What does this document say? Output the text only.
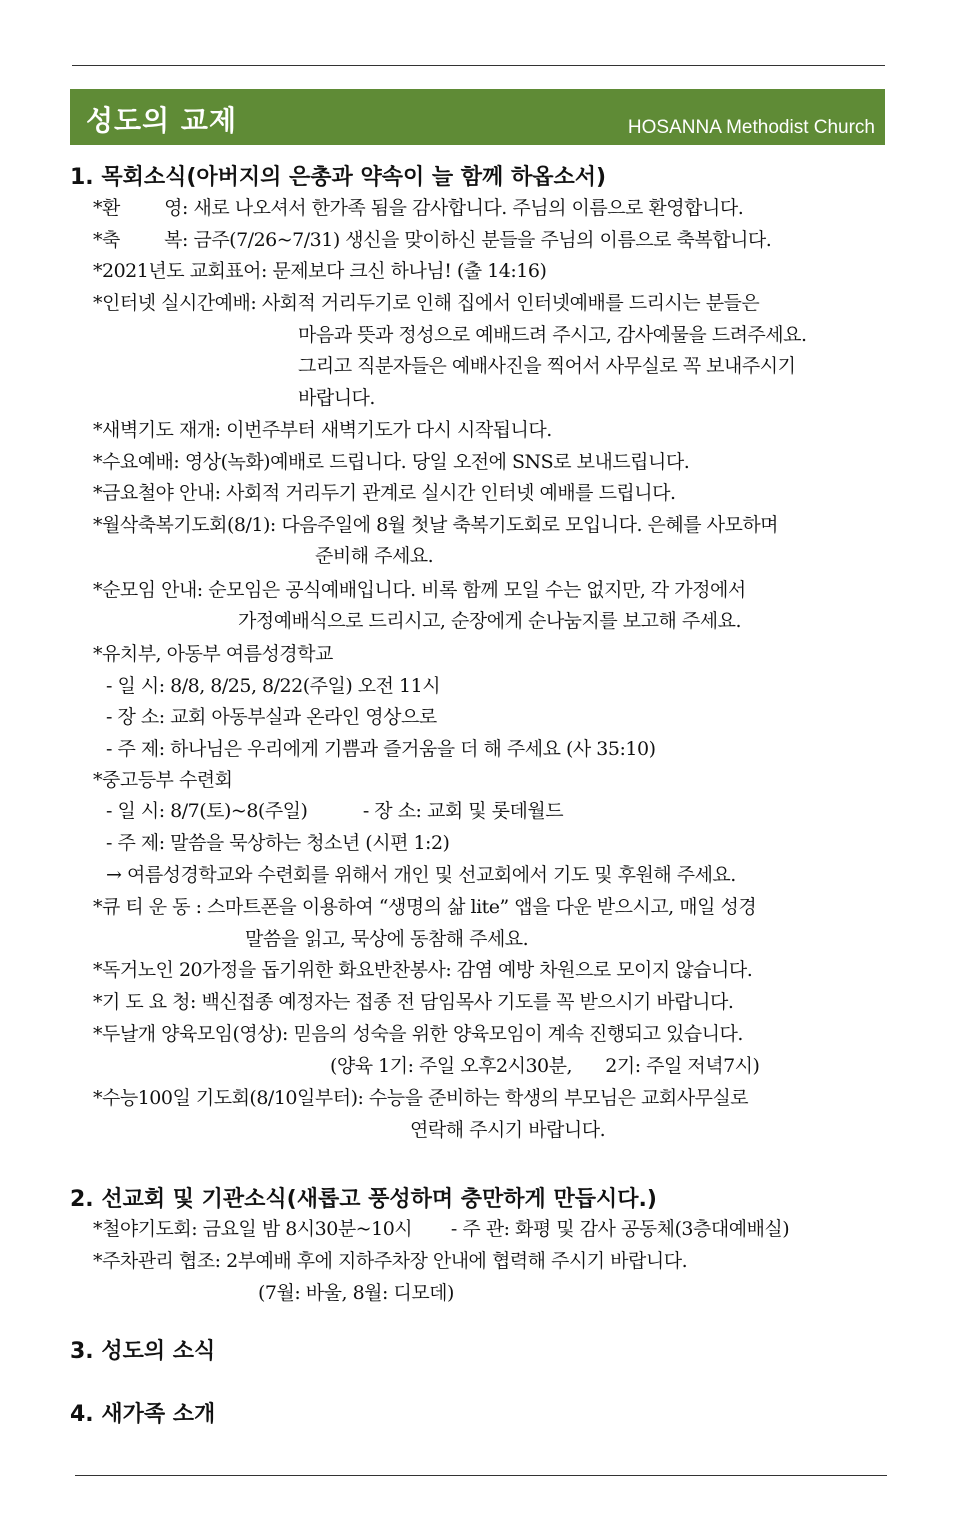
성도의 교제	HOSANNA Methodist Church
1. 목회소식(아버지의 은총과 약속이 늘 함께 하옵소서)
*환        영: 새로 나오셔서 한가족 됨을 감사합니다. 주님의 이름으로 환영합니다.
*축        복: 금주(7/26~7/31) 생신을 맞이하신 분들을 주님의 이름으로 축복합니다.
*2021년도 교회표어: 문제보다 크신 하나님! (출 14:16)
*인터넷 실시간예배: 사회적 거리두기로 인해 집에서 인터넷예배를 드리시는 분들은
마음과 뜻과 정성으로 예배드려 주시고, 감사예물을 드려주세요.
그리고 직분자들은 예배사진을 찍어서 사무실로 꼭 보내주시기
바랍니다.
*새벽기도 재개: 이번주부터 새벽기도가 다시 시작됩니다.
*수요예배: 영상(녹화)예배로 드립니다. 당일 오전에 SNS로 보내드립니다.
*금요철야 안내: 사회적 거리두기 관계로 실시간 인터넷 예배를 드립니다.
*월삭축복기도회(8/1): 다음주일에 8월 첫날 축복기도회로 모입니다. 은혜를 사모하며
준비해 주세요.
*순모임 안내: 순모임은 공식예배입니다. 비록 함께 모일 수는 없지만, 각 가정에서
가정예배식으로 드리시고, 순장에게 순나눔지를 보고해 주세요.
*유치부, 아동부 여름성경학교
- 일 시: 8/8, 8/25, 8/22(주일) 오전 11시
- 장 소: 교회 아동부실과 온라인 영상으로
- 주 제: 하나님은 우리에게 기쁨과 즐거움을 더 해 주세요 (사 35:10)
*중고등부 수련회
- 일 시: 8/7(토)~8(주일)          - 장 소: 교회 및 롯데월드
- 주 제: 말씀을 묵상하는 청소년 (시편 1:2)
→ 여름성경학교와 수련회를 위해서 개인 및 선교회에서 기도 및 후원해 주세요.
*큐 티 운 동 : 스마트폰을 이용하여 “생명의 삶 lite” 앱을 다운 받으시고, 매일 성경
말씀을 읽고, 묵상에 동참해 주세요.
*독거노인 20가정을 돕기위한 화요반찬봉사: 감염 예방 차원으로 모이지 않습니다.
*기 도 요 청: 백신접종 예정자는 접종 전 담임목사 기도를 꼭 받으시기 바랍니다.
*두날개 양육모임(영상): 믿음의 성숙을 위한 양육모임이 계속 진행되고 있습니다.
(양육 1기: 주일 오후2시30분,      2기: 주일 저녁7시)
*수능100일 기도회(8/10일부터): 수능을 준비하는 학생의 부모님은 교회사무실로
연락해 주시기 바랍니다.
2. 선교회 및 기관소식(새롭고 풍성하며 충만하게 만듭시다.)
*철야기도회: 금요일 밤 8시30분~10시       - 주 관: 화평 및 감사 공동체(3층대예배실)
*주차관리 협조: 2부예배 후에 지하주차장 안내에 협력해 주시기 바랍니다.
(7월: 바울, 8월: 디모데)
3. 성도의 소식
4. 새가족 소개
